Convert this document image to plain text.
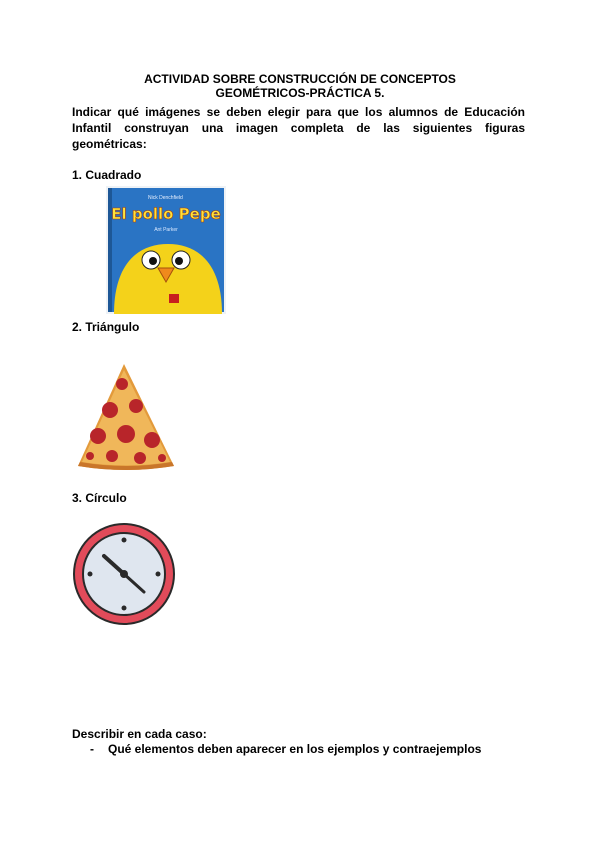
ACTIVIDAD SOBRE CONSTRUCCIÓN DE CONCEPTOS
GEOMÉTRICOS-PRÁCTICA 5.
Indicar qué imágenes se deben elegir para que los alumnos de Educación Infantil construyan una imagen completa de las siguientes figuras geométricas:
1. Cuadrado
Nick Denchfield
El pollo Pepe
Ant Parker
2. Triángulo
3. Círculo
Describir en cada caso:
- Qué elementos deben aparecer en los ejemplos y contraejemplos
